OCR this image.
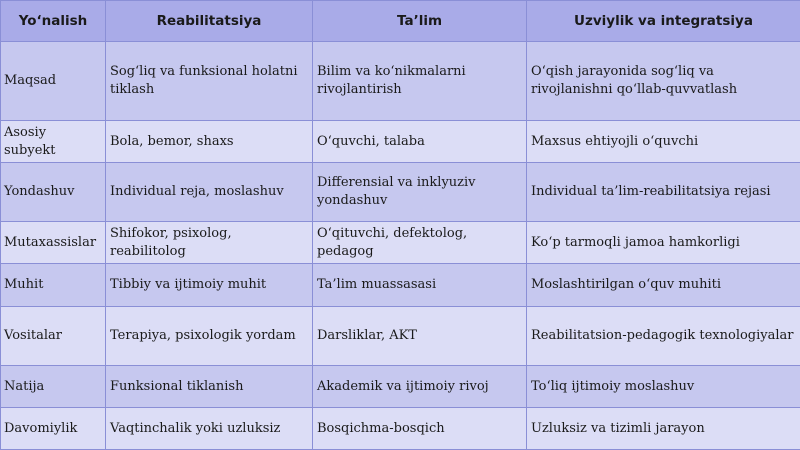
Yo‘nalish	Reabilitatsiya	Ta’lim	Uzviylik va integratsiya
Maqsad	Sog‘liq va funksional holatni tiklash	Bilim va ko‘nikmalarni rivojlantirish	O‘qish jarayonida sog‘liq va rivojlanishni qo‘llab-quvvatlash
Asosiy subyekt	Bola, bemor, shaxs	O‘quvchi, talaba	Maxsus ehtiyojli o‘quvchi
Yondashuv	Individual reja, moslashuv	Differensial va inklyuziv yondashuv	Individual ta’lim-reabilitatsiya rejasi
Mutaxassislar	Shifokor, psixolog, reabilitolog	O‘qituvchi, defektolog, pedagog	Ko‘p tarmoqli jamoa hamkorligi
Muhit	Tibbiy va ijtimoiy muhit	Ta’lim muassasasi	Moslashtirilgan o‘quv muhiti
Vositalar	Terapiya, psixologik yordam	Darsliklar, AKT	Reabilitatsion-pedagogik texnologiyalar
Natija	Funksional tiklanish	Akademik va ijtimoiy rivoj	To‘liq ijtimoiy moslashuv
Davomiylik	Vaqtinchalik yoki uzluksiz	Bosqichma-bosqich	Uzluksiz va tizimli jarayon
